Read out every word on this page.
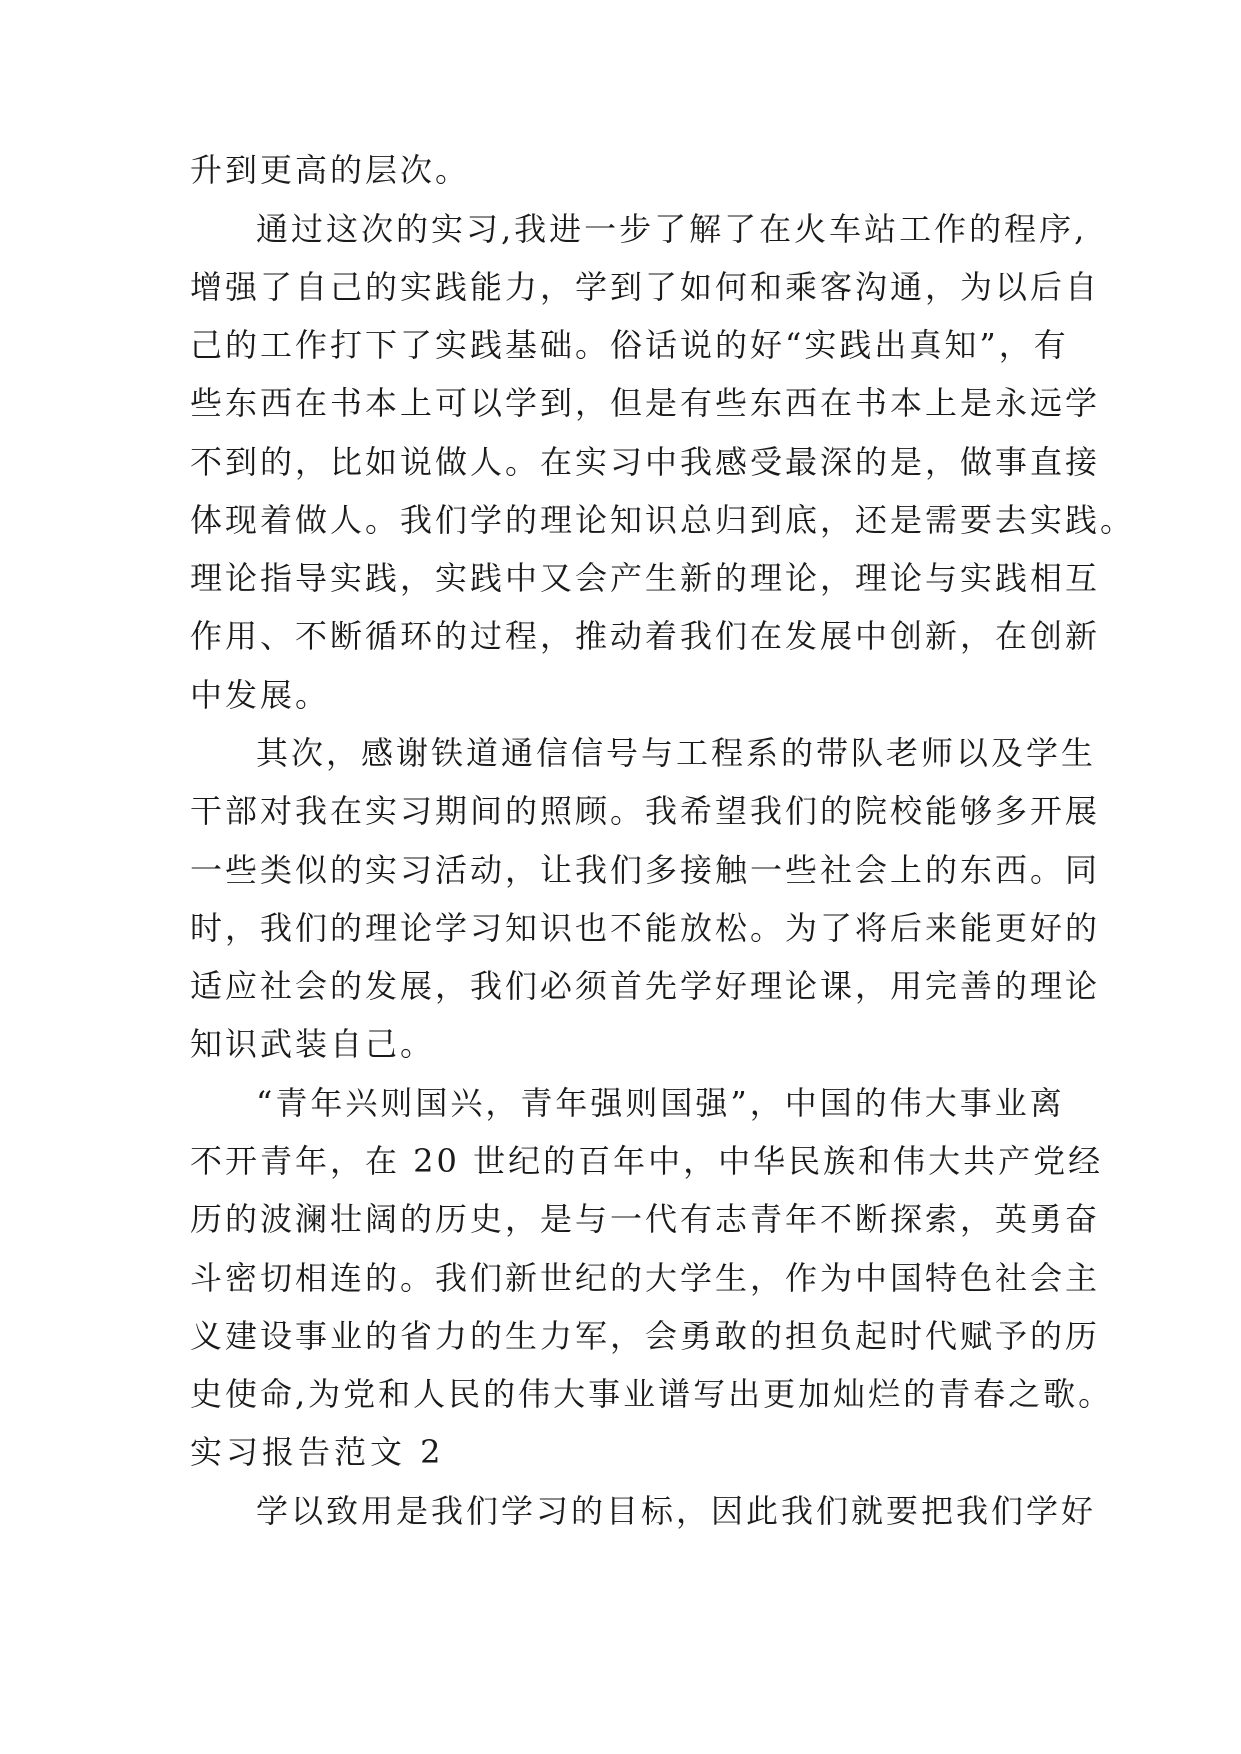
升到更高的层次。
通过这次的实习,我进一步了解了在火车站工作的程序,
增强了自己的实践能力，学到了如何和乘客沟通，为以后自
己的工作打下了实践基础。俗话说的好“实践出真知”，有
些东西在书本上可以学到，但是有些东西在书本上是永远学
不到的，比如说做人。在实习中我感受最深的是，做事直接
体现着做人。我们学的理论知识总归到底，还是需要去实践。
理论指导实践，实践中又会产生新的理论，理论与实践相互
作用、不断循环的过程，推动着我们在发展中创新，在创新
中发展。
其次，感谢铁道通信信号与工程系的带队老师以及学生
干部对我在实习期间的照顾。我希望我们的院校能够多开展
一些类似的实习活动，让我们多接触一些社会上的东西。同
时，我们的理论学习知识也不能放松。为了将后来能更好的
适应社会的发展，我们必须首先学好理论课，用完善的理论
知识武装自己。
“青年兴则国兴，青年强则国强”，中国的伟大事业离
不开青年，在 20 世纪的百年中，中华民族和伟大共产党经
历的波澜壮阔的历史，是与一代有志青年不断探索，英勇奋
斗密切相连的。我们新世纪的大学生，作为中国特色社会主
义建设事业的省力的生力军，会勇敢的担负起时代赋予的历
史使命,为党和人民的伟大事业谱写出更加灿烂的青春之歌。
实习报告范文 2
学以致用是我们学习的目标，因此我们就要把我们学好
